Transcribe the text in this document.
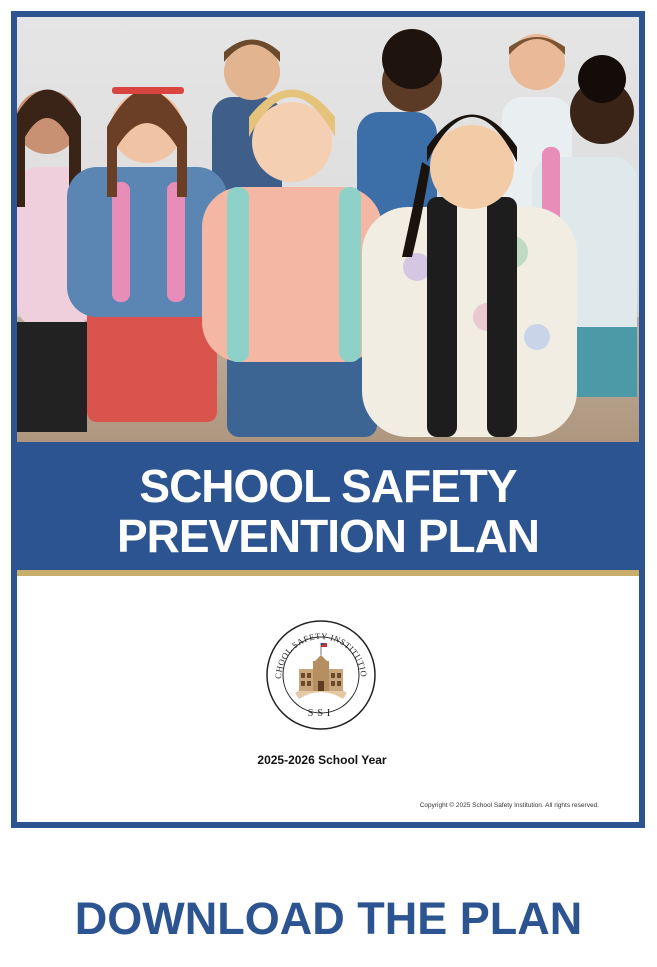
SCHOOL SAFETY
PREVENTION PLAN
CHOOL SAFETY INSTITUTIO
SSI
2025-2026 School Year
Copyright © 2025 School Safety Institution. All rights reserved.
DOWNLOAD THE PLAN
